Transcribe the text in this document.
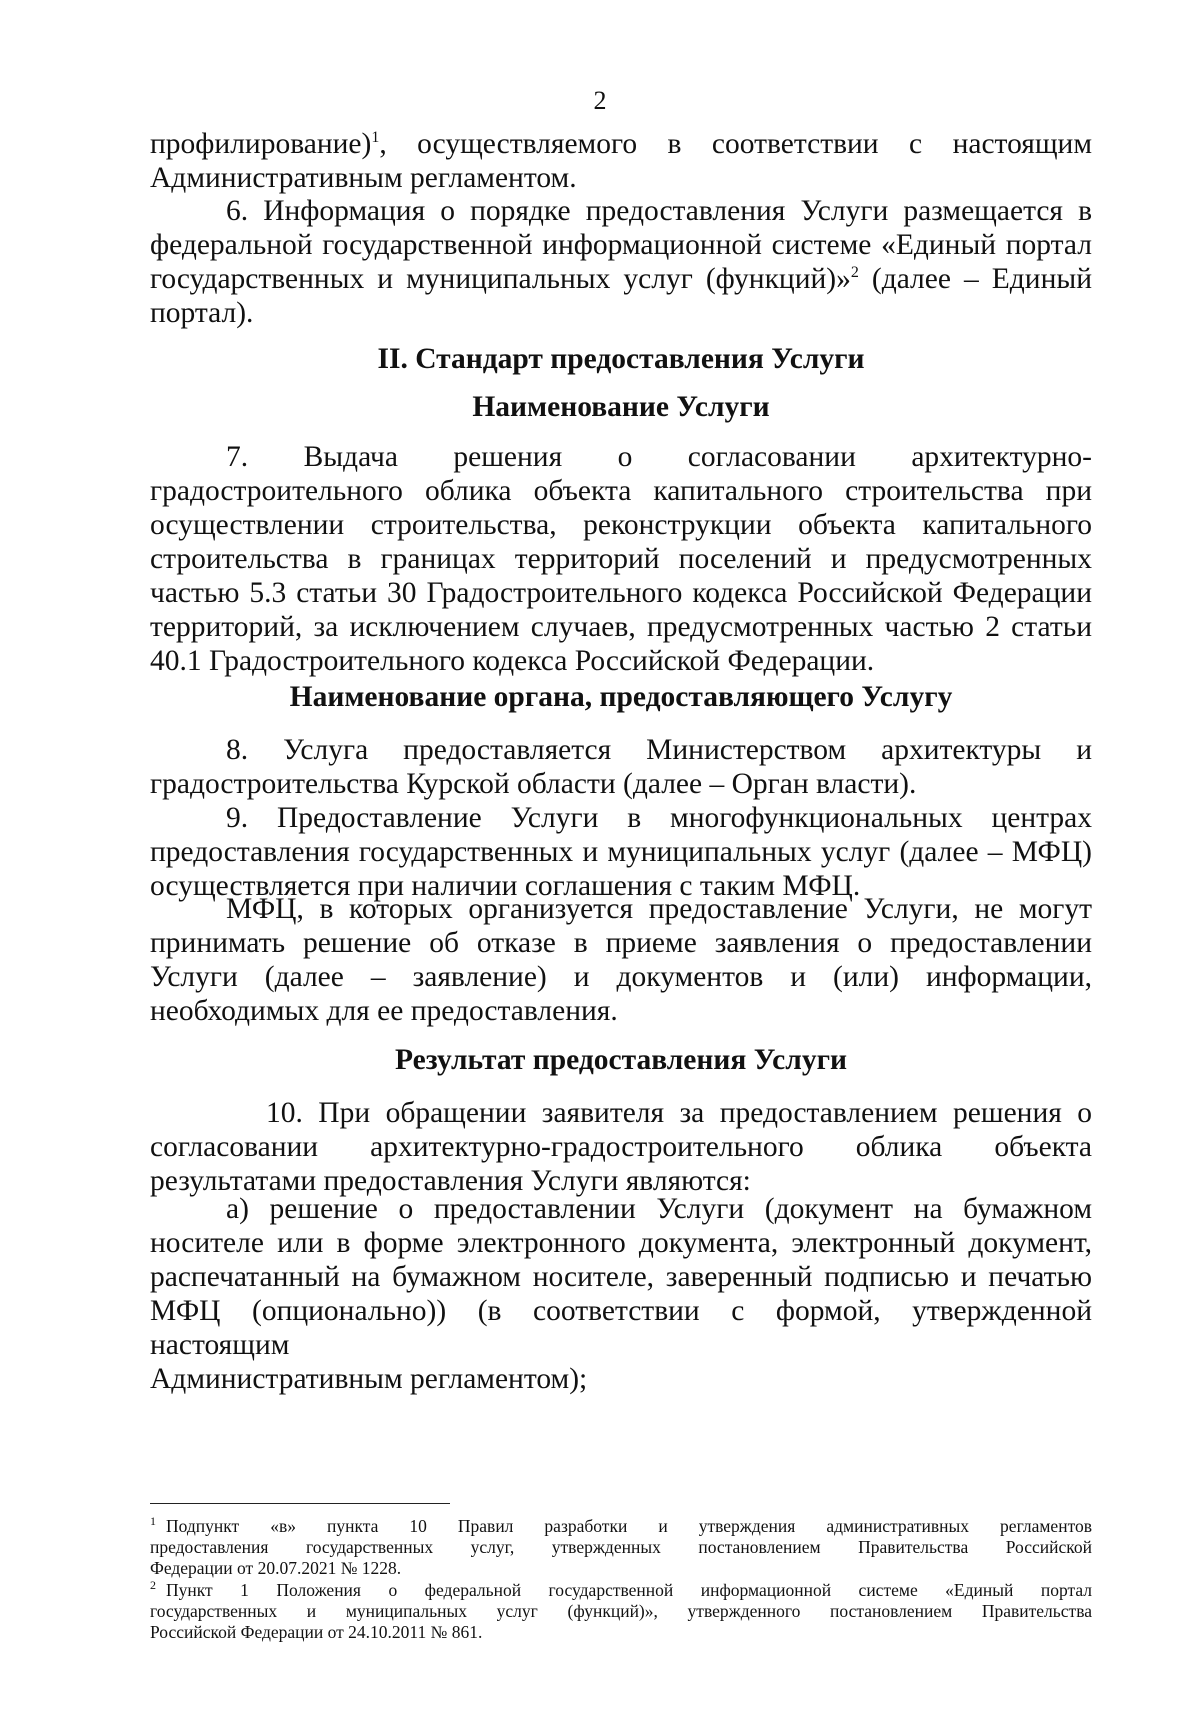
2

профилирование)$^1$, осуществляемого в соответствии с настоящим

Административным регламентом.

6. Информация о порядке предоставления Услуги размещается в

федеральной государственной информационной системе «Единый портал

государственных и муниципальных услуг (функций)»$^2$ (далее – Единый

портал).

II. Стандарт предоставления Услуги
Наименование Услуги

7. Выдача решения о согласовании архитектурно-

градостроительного облика объекта капитального строительства при

осуществлении строительства, реконструкции объекта капитального

строительства в границах территорий поселений и предусмотренных

частью 5.3 статьи 30 Градостроительного кодекса Российской Федерации

территорий, за исключением случаев, предусмотренных частью 2 статьи

40.1 Градостроительного кодекса Российской Федерации.

Наименование органа, предоставляющего Услугу

8. Услуга предоставляется Министерством архитектуры и

градостроительства Курской области (далее – Орган власти).

9. Предоставление Услуги в многофункциональных центрах

предоставления государственных и муниципальных услуг (далее – МФЦ)

осуществляется при наличии соглашения с таким МФЦ.

МФЦ, в которых организуется предоставление Услуги, не могут

принимать решение об отказе в приеме заявления о предоставлении

Услуги (далее – заявление) и документов и (или) информации,

необходимых для ее предоставления.

Результат предоставления Услуги

10. При обращении заявителя за предоставлением решения о

согласовании архитектурно-градостроительного облика объекта

результатами предоставления Услуги являются:

а) решение о предоставлении Услуги (документ на бумажном

носителе или в форме электронного документа, электронный документ,

распечатанный на бумажном носителе, заверенный подписью и печатью

МФЦ (опционально)) (в соответствии с формой, утвержденной настоящим

Административным регламентом);

$^1$ Подпункт «в» пункта 10 Правил разработки и утверждения административных регламентов

предоставления государственных услуг, утвержденных постановлением Правительства Российской

Федерации от 20.07.2021 № 1228.

$^2$ Пункт 1 Положения о федеральной государственной информационной системе «Единый портал

государственных и муниципальных услуг (функций)», утвержденного постановлением Правительства

Российской Федерации от 24.10.2011 № 861.
